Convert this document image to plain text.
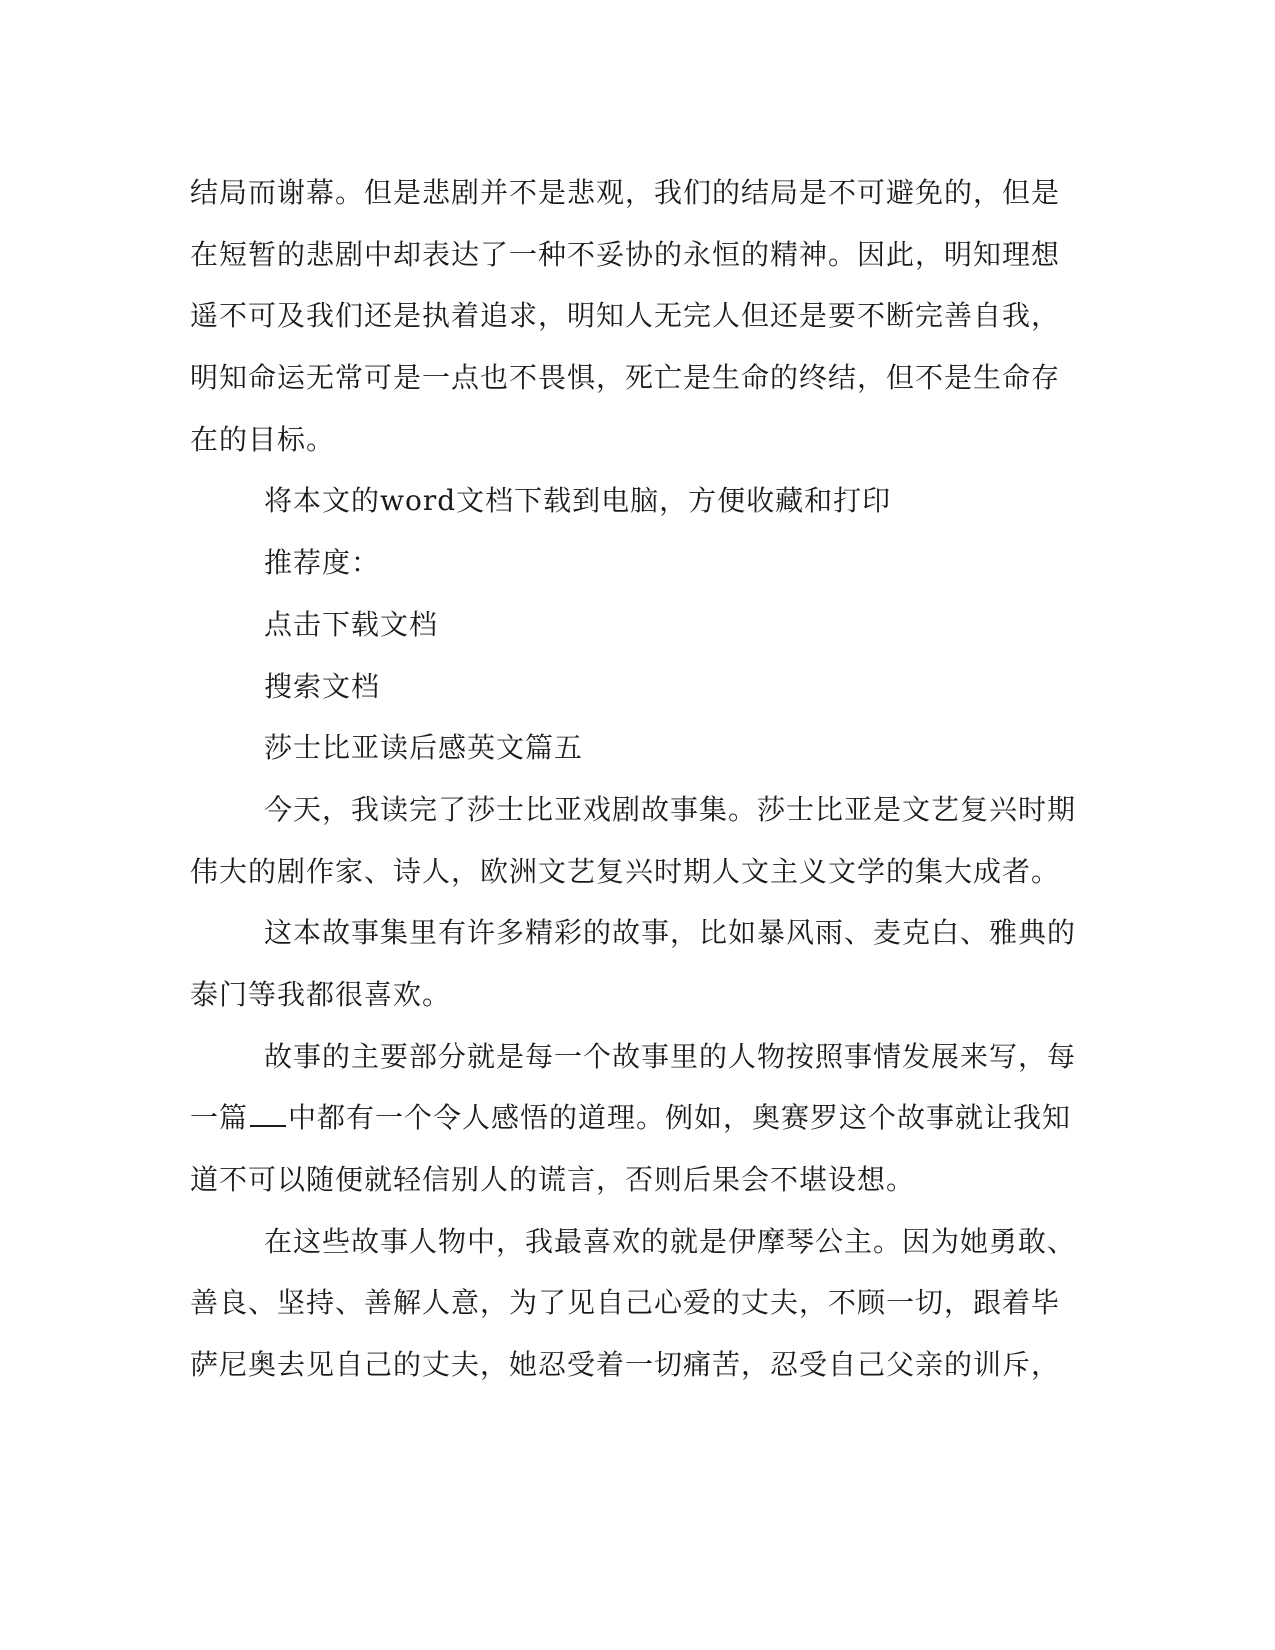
结局而谢幕。但是悲剧并不是悲观，我们的结局是不可避免的，但是
在短暂的悲剧中却表达了一种不妥协的永恒的精神。因此，明知理想
遥不可及我们还是执着追求，明知人无完人但还是要不断完善自我，
明知命运无常可是一点也不畏惧，死亡是生命的终结，但不是生命存
在的目标。
将本文的word文档下载到电脑，方便收藏和打印
推荐度：
点击下载文档
搜索文档
莎士比亚读后感英文篇五
今天，我读完了莎士比亚戏剧故事集。莎士比亚是文艺复兴时期
伟大的剧作家、诗人，欧洲文艺复兴时期人文主义文学的集大成者。
这本故事集里有许多精彩的故事，比如暴风雨、麦克白、雅典的
泰门等我都很喜欢。
故事的主要部分就是每一个故事里的人物按照事情发展来写，每
一篇 中都有一个令人感悟的道理。例如，奥赛罗这个故事就让我知
道不可以随便就轻信别人的谎言，否则后果会不堪设想。
在这些故事人物中，我最喜欢的就是伊摩琴公主。因为她勇敢、
善良、坚持、善解人意，为了见自己心爱的丈夫，不顾一切，跟着毕
萨尼奥去见自己的丈夫，她忍受着一切痛苦，忍受自己父亲的训斥，
